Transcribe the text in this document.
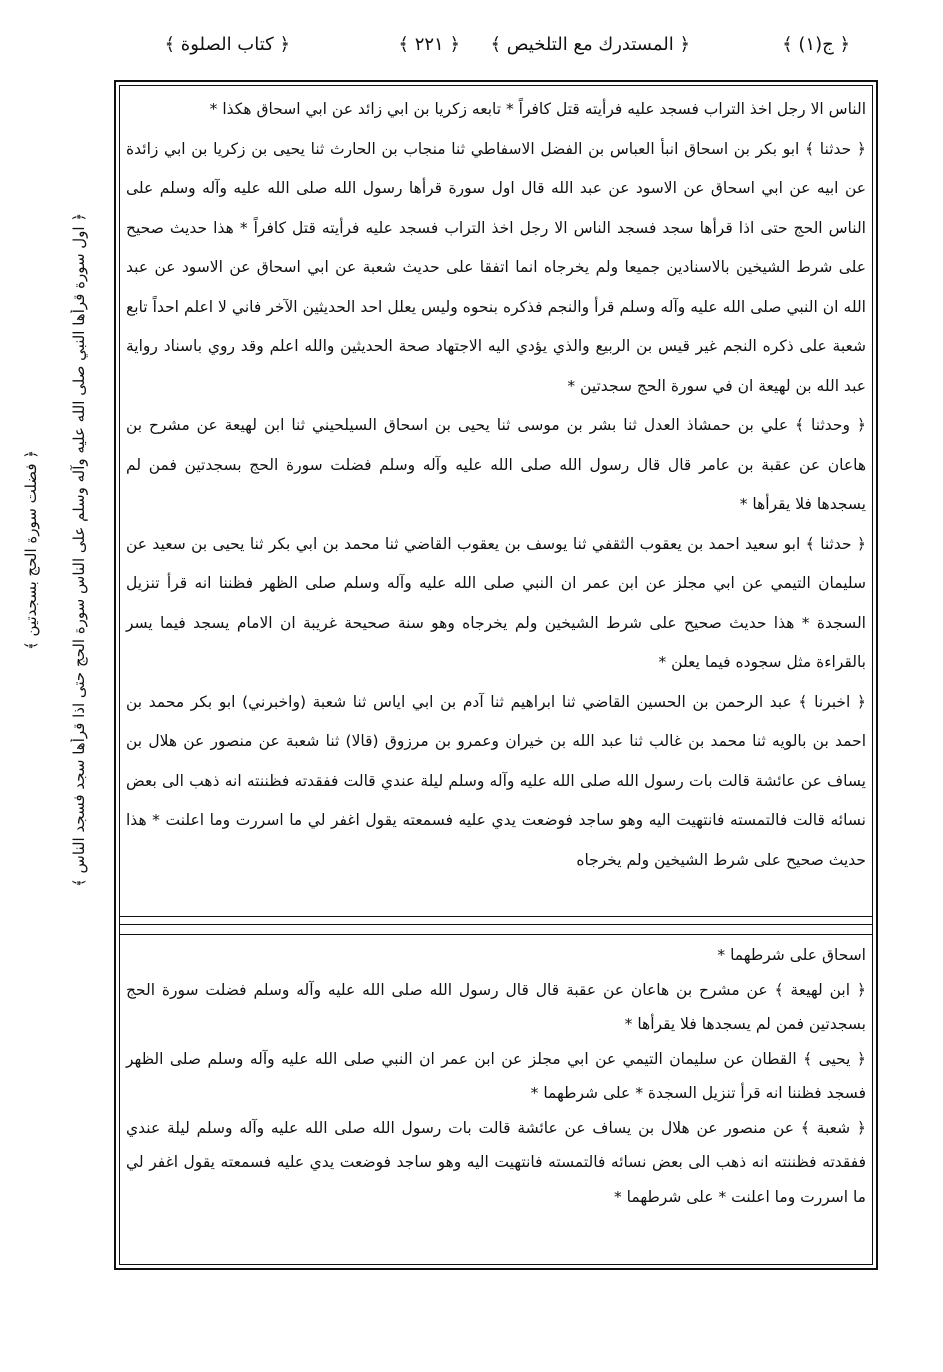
﴿ ج(١) ﴾
﴿ المستدرك مع التلخيص ﴾
﴿ ٢٢١ ﴾
﴿ كتاب الصلوة ﴾
﴿ اول سورة قرأها النبي صلى الله عليه وآله وسلم على الناس سورة الحج حتى اذا قرأها سجد فسجد الناس ﴾
﴿ فضلت سورة الحج بسجدتين ﴾

الناس الا رجل اخذ التراب فسجد عليه فرأيته قتل كافراً * تابعه زكريا بن ابي زائد عن ابي اسحاق هكذا *

﴿ حدثنا ﴾ ابو بكر بن اسحاق انبأ العباس بن الفضل الاسفاطي ثنا منجاب بن الحارث ثنا يحيى بن زكريا بن ابي زائدة عن ابيه عن ابي اسحاق عن الاسود عن عبد الله قال اول سورة قرأها رسول الله صلى الله عليه وآله وسلم على الناس الحج حتى اذا قرأها سجد فسجد الناس الا رجل اخذ التراب فسجد عليه فرأيته قتل كافراً * هذا حديث صحيح على شرط الشيخين بالاسنادين جميعا ولم يخرجاه انما اتفقا على حديث شعبة عن ابي اسحاق عن الاسود عن عبد الله ان النبي صلى الله عليه وآله وسلم قرأ والنجم فذكره بنحوه وليس يعلل احد الحديثين الآخر فاني لا اعلم احداً تابع شعبة على ذكره النجم غير قيس بن الربيع والذي يؤدي اليه الاجتهاد صحة الحديثين والله اعلم وقد روي باسناد رواية عبد الله بن لهيعة ان في سورة الحج سجدتين *

﴿ وحدثنا ﴾ علي بن حمشاذ العدل ثنا بشر بن موسى ثنا يحيى بن اسحاق السيلحيني ثنا ابن لهيعة عن مشرح بن هاعان عن عقبة بن عامر قال قال رسول الله صلى الله عليه وآله وسلم فضلت سورة الحج بسجدتين فمن لم يسجدها فلا يقرأها *

﴿ حدثنا ﴾ ابو سعيد احمد بن يعقوب الثقفي ثنا يوسف بن يعقوب القاضي ثنا محمد بن ابي بكر ثنا يحيى بن سعيد عن سليمان التيمي عن ابي مجلز عن ابن عمر ان النبي صلى الله عليه وآله وسلم صلى الظهر فظننا انه قرأ تنزيل السجدة * هذا حديث صحيح على شرط الشيخين ولم يخرجاه وهو سنة صحيحة غريبة ان الامام يسجد فيما يسر بالقراءة مثل سجوده فيما يعلن *

﴿ اخبرنا ﴾ عبد الرحمن بن الحسين القاضي ثنا ابراهيم ثنا آدم بن ابي اياس ثنا شعبة (واخبرني) ابو بكر محمد بن احمد بن بالويه ثنا محمد بن غالب ثنا عبد الله بن خيران وعمرو بن مرزوق (قالا) ثنا شعبة عن منصور عن هلال بن يساف عن عائشة قالت بات رسول الله صلى الله عليه وآله وسلم ليلة عندي قالت ففقدته فظننته انه ذهب الى بعض نسائه قالت فالتمسته فانتهيت اليه وهو ساجد فوضعت يدي عليه فسمعته يقول اغفر لي ما اسررت وما اعلنت * هذا حديث صحيح على شرط الشيخين ولم يخرجاه

اسحاق على شرطهما *

﴿ ابن لهيعة ﴾ عن مشرح بن هاعان عن عقبة قال قال رسول الله صلى الله عليه وآله وسلم فضلت سورة الحج بسجدتين فمن لم يسجدها فلا يقرأها *

﴿ يحيى ﴾ القطان عن سليمان التيمي عن ابي مجلز عن ابن عمر ان النبي صلى الله عليه وآله وسلم صلى الظهر فسجد فظننا انه قرأ تنزيل السجدة * على شرطهما *

﴿ شعبة ﴾ عن منصور عن هلال بن يساف عن عائشة قالت بات رسول الله صلى الله عليه وآله وسلم ليلة عندي ففقدته فظننته انه ذهب الى بعض نسائه فالتمسته فانتهيت اليه وهو ساجد فوضعت يدي عليه فسمعته يقول اغفر لي ما اسررت وما اعلنت * على شرطهما *
